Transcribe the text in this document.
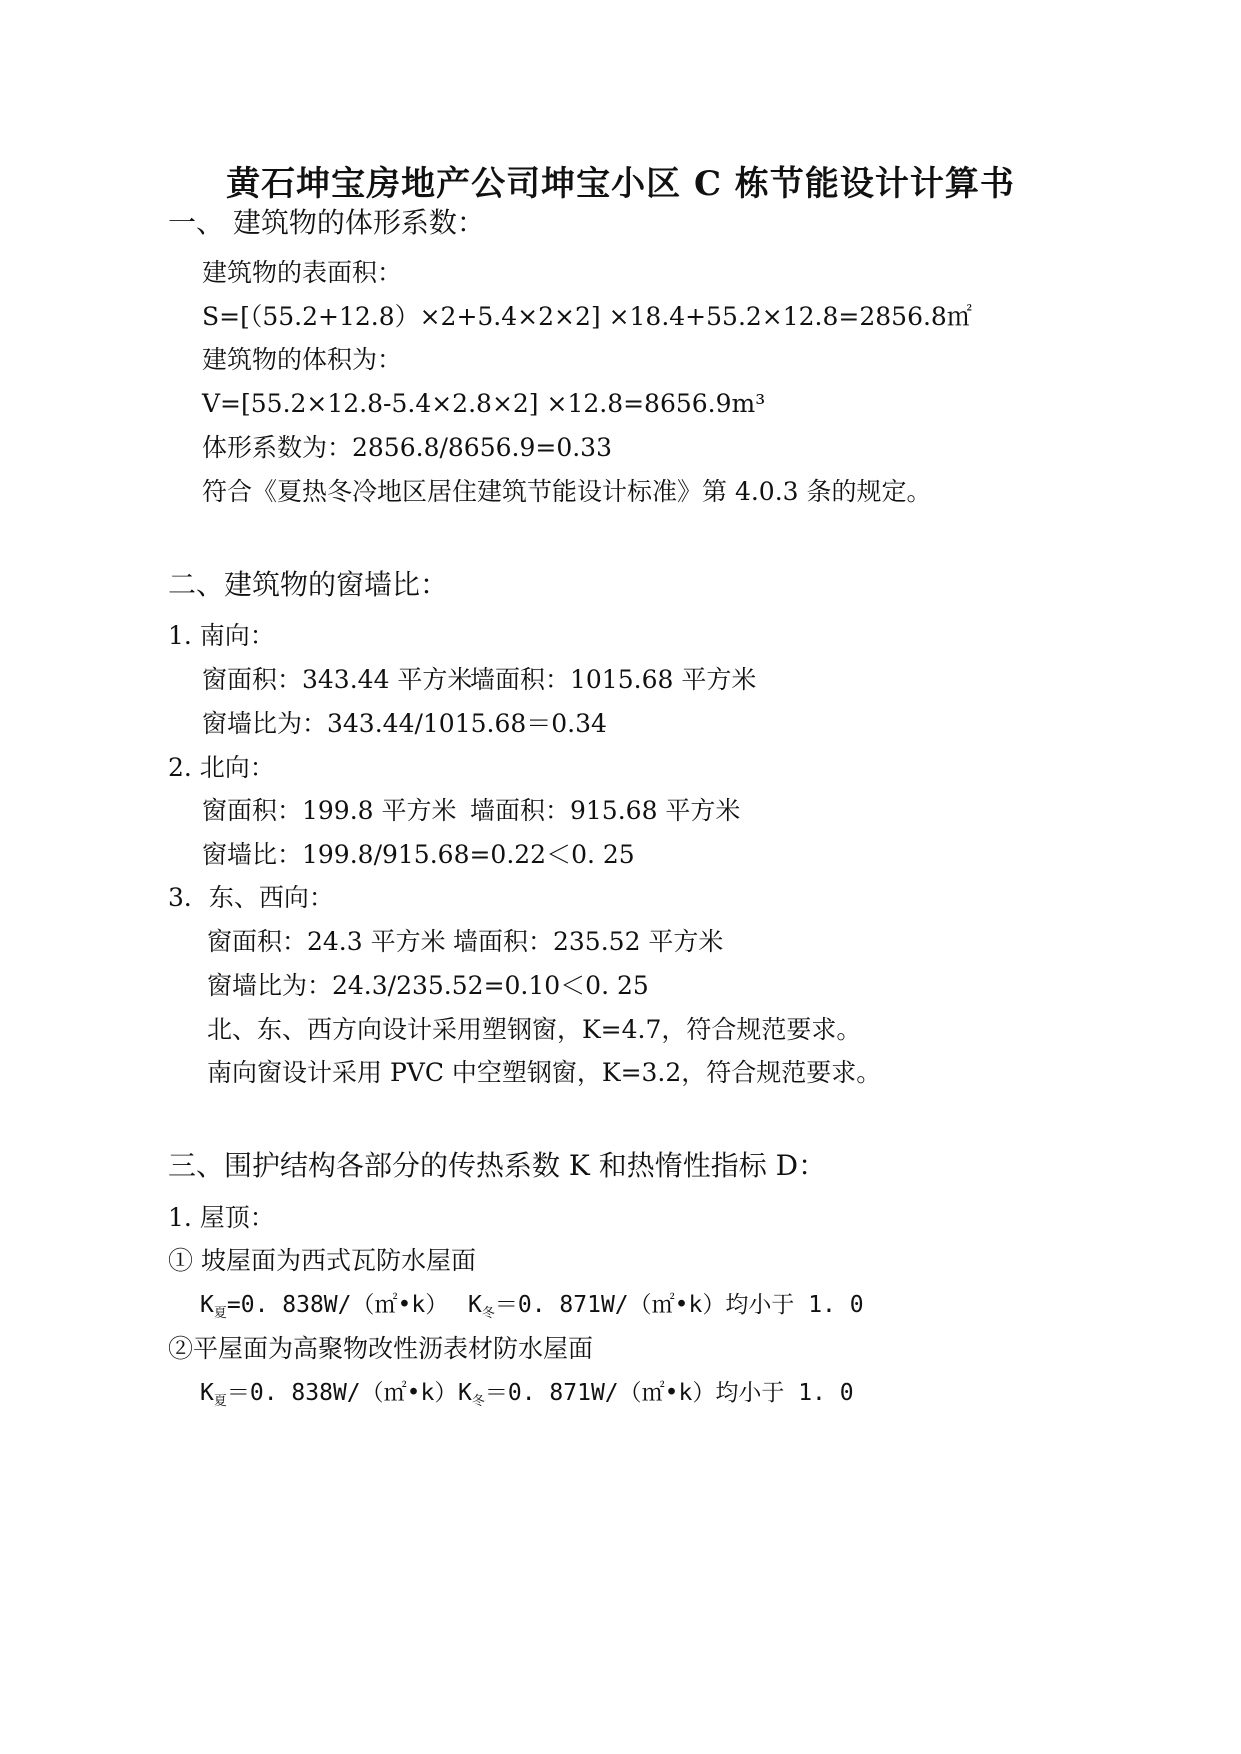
黄石坤宝房地产公司坤宝小区 C 栋节能设计计算书
一、 建筑物的体形系数：
建筑物的表面积：
S=[（55.2+12.8）×2+5.4×2×2] ×18.4+55.2×12.8=2856.8㎡
建筑物的体积为：
V=[55.2×12.8-5.4×2.8×2] ×12.8=8656.9m³
体形系数为：2856.8/8656.9=0.33
符合《夏热冬冷地区居住建筑节能设计标准》第 4.0.3 条的规定。
二、建筑物的窗墙比：
1. 南向：
窗面积：343.44 平方米
墙面积：1015.68 平方米
窗墙比为：343.44/1015.68＝0.34
2. 北向：
窗面积：199.8 平方米 墙面积：915.68 平方米
窗墙比：199.8/915.68=0.22＜0. 25
3．东、西向：
窗面积：24.3 平方米 墙面积：235.52 平方米
窗墙比为：24.3/235.52=0.10＜0. 25
北、东、西方向设计采用塑钢窗，K=4.7，符合规范要求。
南向窗设计采用 PVC 中空塑钢窗，K=3.2，符合规范要求。
三、围护结构各部分的传热系数 K 和热惰性指标 D：
1. 屋顶：
① 坡屋面为西式瓦防水屋面
$K_夏=0$. 838W/（㎡•k） $K_冬=0$. 871W/（㎡•k）均小于 1. 0
②平屋面为高聚物改性沥表材防水屋面
$K_夏=0$. 838W/（㎡•k） $K_冬=0$. 871W/（㎡•k）均小于 1. 0
